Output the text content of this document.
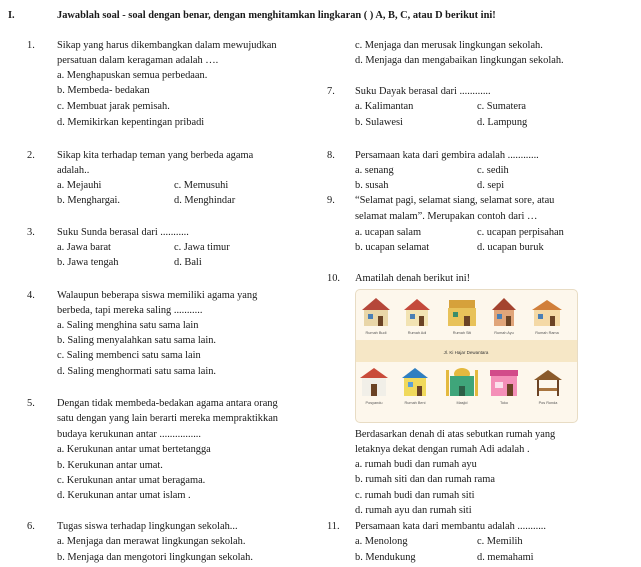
I.	Jawablah soal - soal dengan benar, dengan menghitamkan lingkaran ( ) A, B, C, atau D berikut ini!
1. Sikap yang harus dikembangkan dalam mewujudkan
persatuan dalam keragaman adalah ….
a. Menghapuskan semua perbedaan.
b. Membeda- bedakan
c. Membuat jarak pemisah.
d. Memikirkan kepentingan pribadi
2. Sikap kita terhadap teman yang berbeda agama
adalah..
a. Mejauhi	c. Memusuhi
b. Menghargai.	d. Menghindar
3. Suku Sunda berasal dari ...........
a. Jawa barat	c. Jawa timur
b. Jawa tengah	d. Bali
4. Walaupun beberapa siswa memiliki agama yang
berbeda, tapi mereka saling ...........
a. Saling menghina satu sama lain
b. Saling menyalahkan satu sama lain.
c. Saling membenci satu sama lain
d. Saling menghormati satu sama lain.
5. Dengan tidak membeda-bedakan agama antara orang
satu dengan yang lain berarti mereka mempraktikkan
budaya kerukunan antar ................
a. Kerukunan antar umat bertetangga
b. Kerukunan antar umat.
c. Kerukunan antar umat beragama.
d. Kerukunan antar umat islam .
6. Tugas siswa terhadap lingkungan sekolah...
a. Menjaga dan merawat lingkungan sekolah.
b. Menjaga dan mengotori lingkungan sekolah.
c. Menjaga dan merusak lingkungan sekolah.
d. Menjaga dan mengabaikan lingkungan sekolah.
7. Suku Dayak berasal dari ............
a. Kalimantan	c. Sumatera
b. Sulawesi	d. Lampung
8. Persamaan kata dari gembira adalah ............
a. senang	c. sedih
b. susah	d. sepi
9. “Selamat pagi, selamat siang, selamat sore, atau
selamat malam”. Merupakan contoh dari …
a. ucapan salam	c. ucapan perpisahan
b. ucapan selamat	d. ucapan buruk
10. Amatilah denah berikut ini!
Rumah Budi	Rumah Adi	Rumah Siti	Rumah Ayu	Rumah Rama
Jl. Ki Hajar Dewantara
Posyandu	Rumah Beni	Masjid	Toko	Pos Ronda
Berdasarkan denah di atas sebutkan rumah yang
letaknya dekat dengan rumah Adi adalah .
a. rumah budi dan rumah ayu
b. rumah siti dan dan rumah rama
c. rumah budi dan rumah siti
d. rumah ayu dan rumah siti
11. Persamaan kata dari membantu adalah ...........
a. Menolong	c. Memilih
b. Mendukung	d. memahami
